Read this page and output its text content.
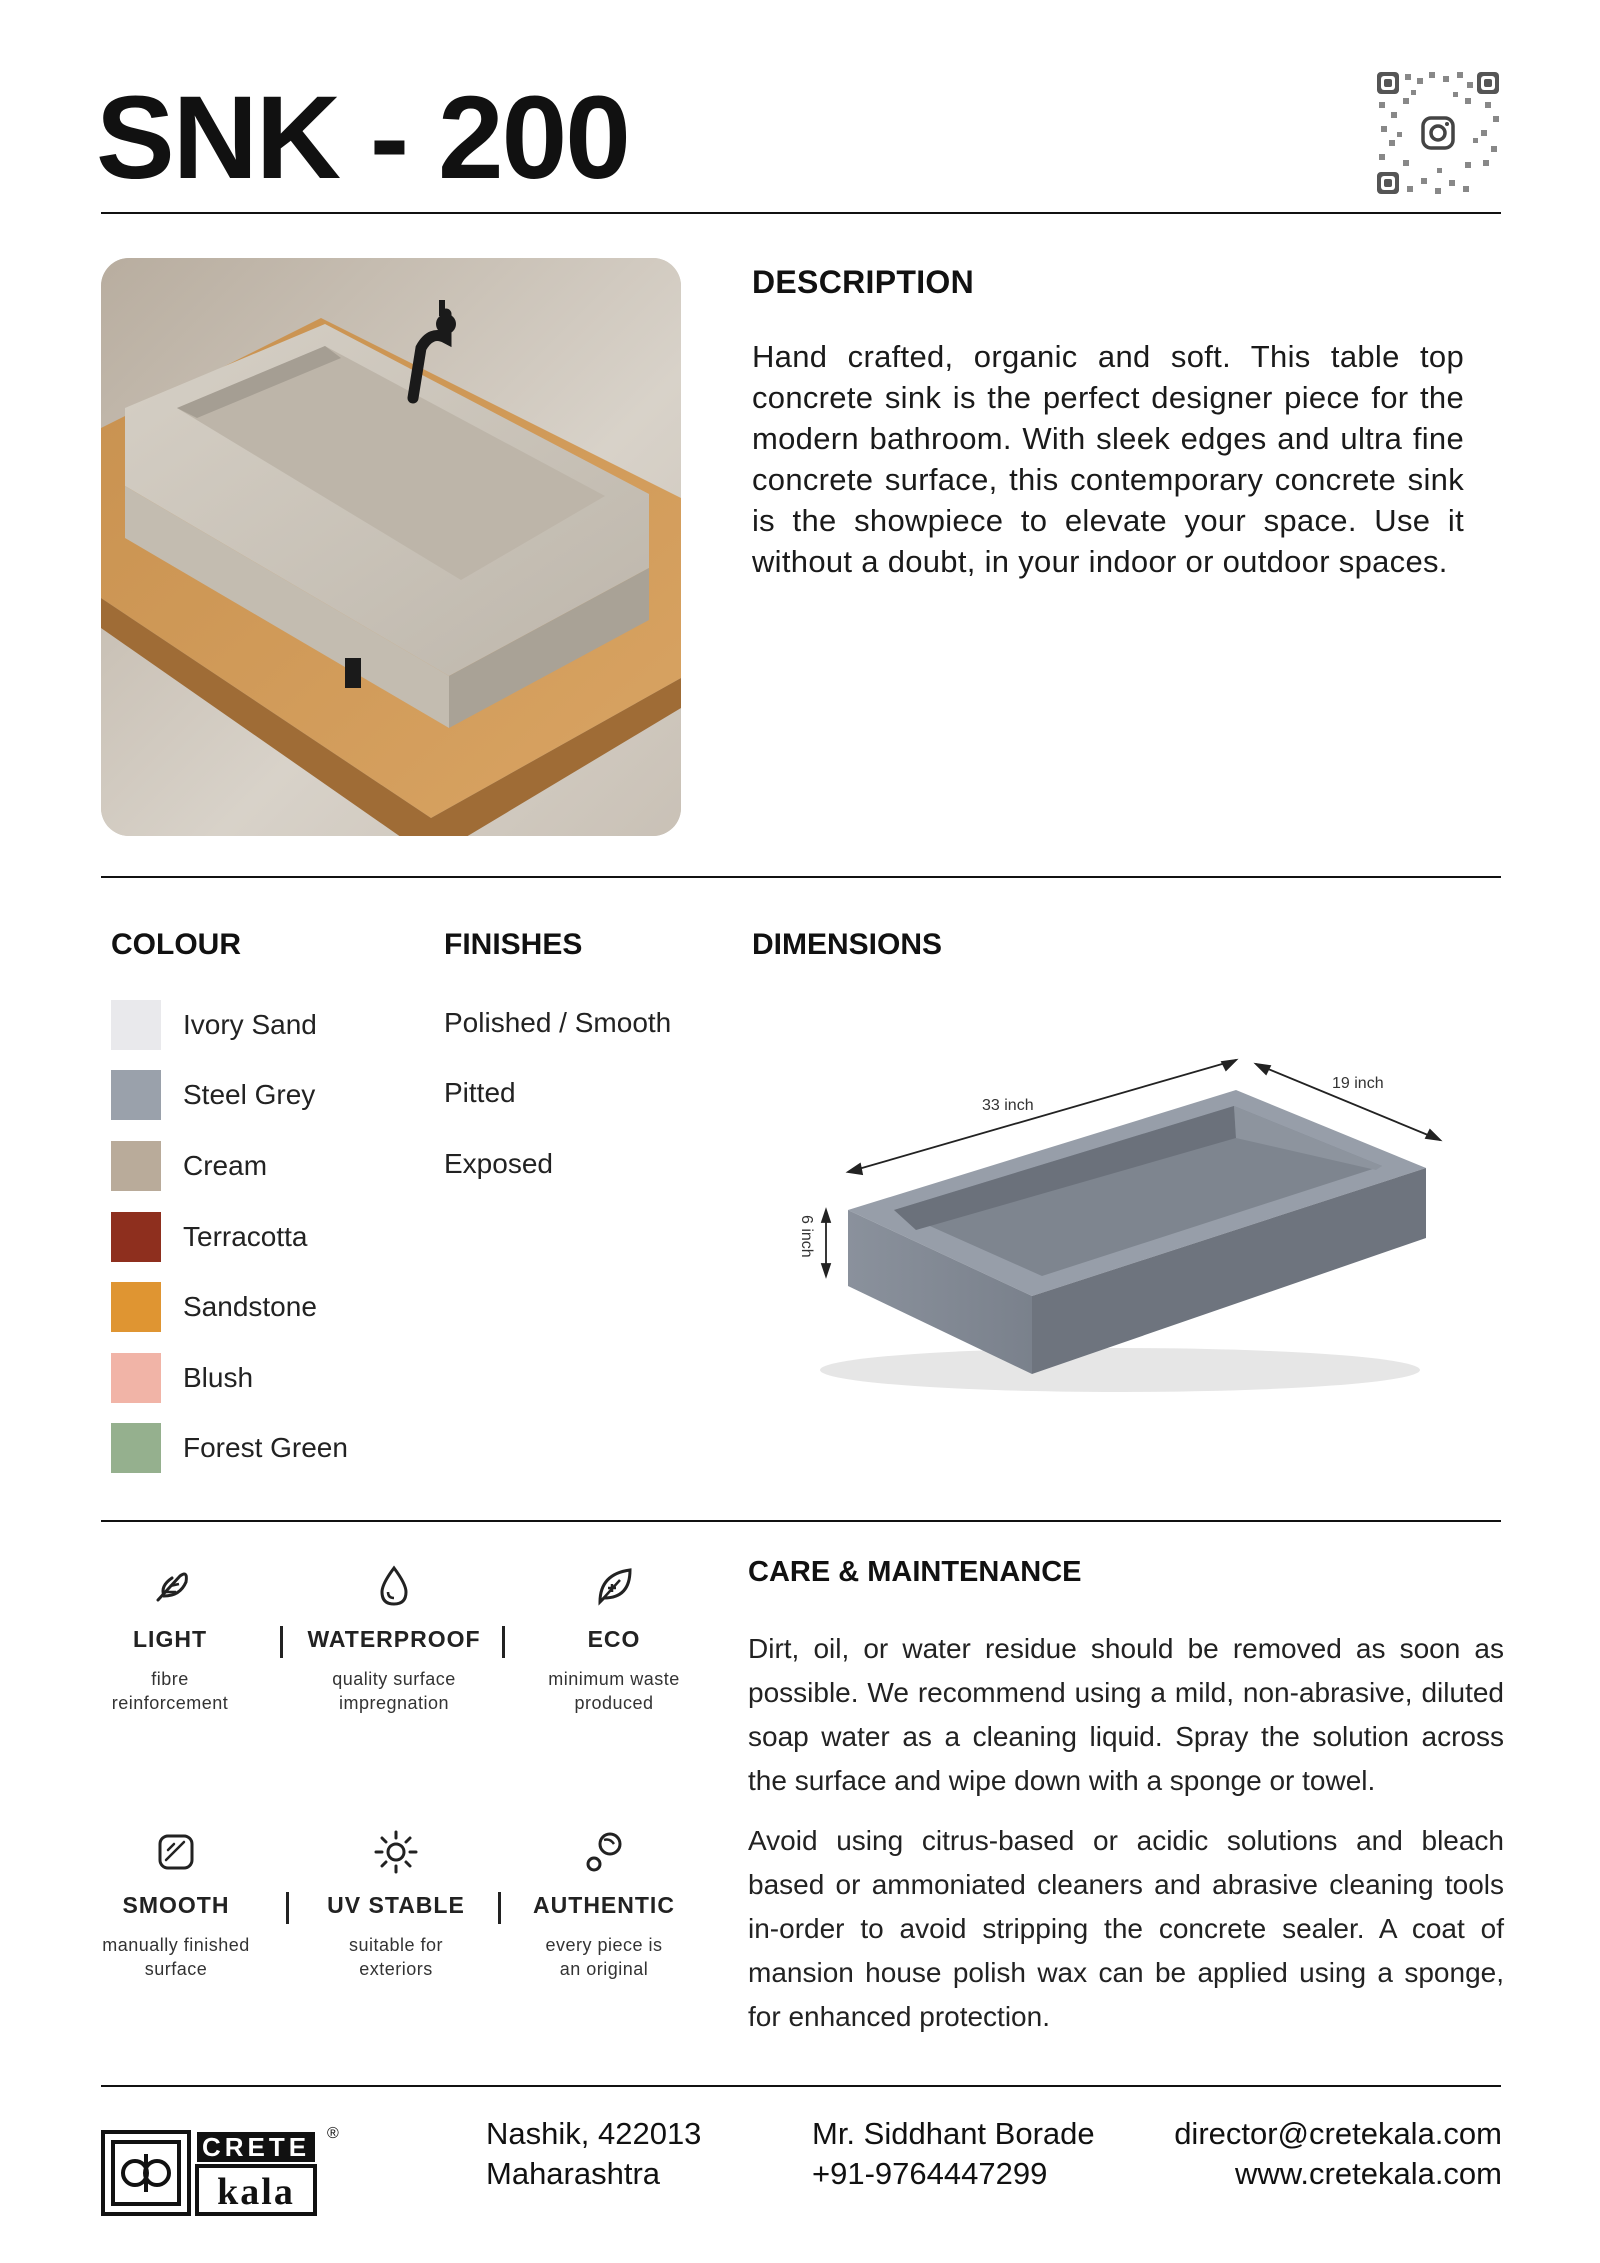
SNK - 200
DESCRIPTION
Hand crafted, organic and soft. This table top concrete sink is the perfect designer piece for the modern bathroom. With sleek edges and ultra fine concrete surface, this contemporary concrete sink is the showpiece to elevate your space. Use it without a doubt, in your indoor or outdoor spaces.
COLOUR
Ivory Sand
Steel Grey
Cream
Terracotta
Sandstone
Blush
Forest Green
FINISHES
Polished / Smooth
Pitted
Exposed
DIMENSIONS
33 inch
19 inch
6 inch
LIGHT
fibre
reinforcement
WATERPROOF
quality surface
impregnation
ECO
minimum waste
produced
SMOOTH
manually finished
surface
UV STABLE
suitable for
exteriors
AUTHENTIC
every piece is
an original
CARE & MAINTENANCE
Dirt, oil, or water residue should be removed as soon as possible. We recommend using a mild, non-abrasive, diluted soap water as a cleaning liquid. Spray the solution across the surface and wipe down with a sponge or towel.
Avoid using citrus-based or acidic solutions and bleach based or ammoniated cleaners and abrasive cleaning tools in-order to avoid stripping the concrete sealer. A coat of mansion house polish wax can be applied using a sponge, for enhanced protection.
CRETE
kala
®	Nashik, 422013
Maharashtra
Mr. Siddhant Borade
+91-9764447299
director@cretekala.com
www.cretekala.com
